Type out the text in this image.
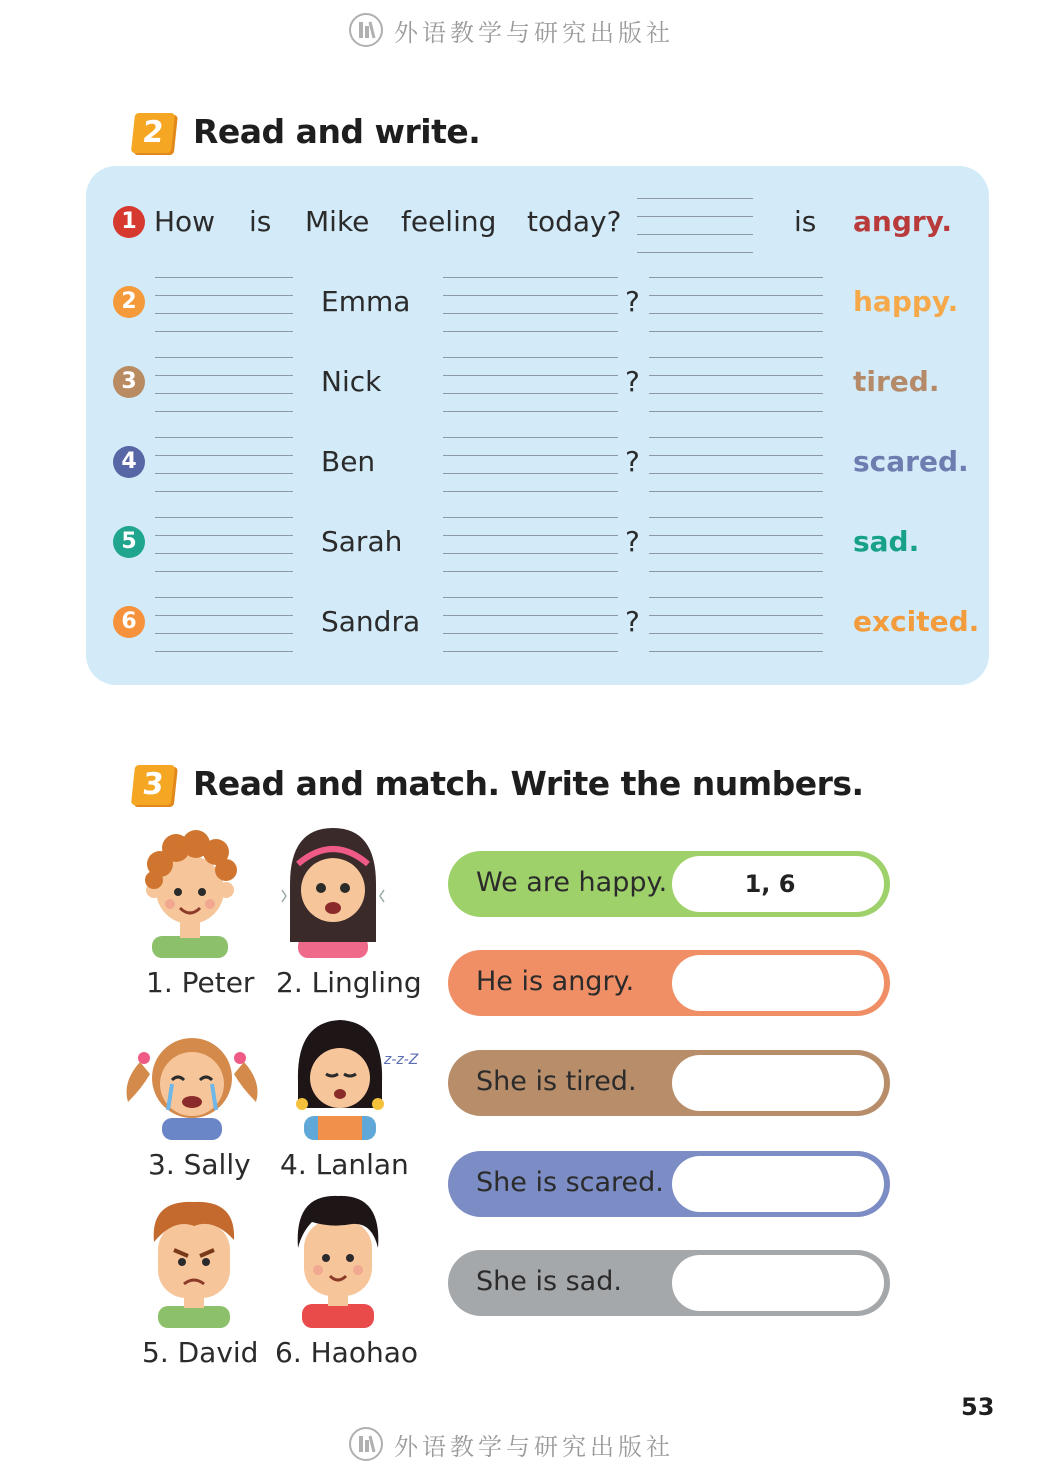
外语教学与研究出版社
2 Read and write.
1 How is Mike feeling today?	is angry.
2	Emma	?	happy.
3	Nick	?	tired.
4	Ben	?	scared.
5	Sarah	?	sad.
6	Sandra	?	excited.
3 Read and match. Write the numbers.
1. Peter 2. Lingling
3. Sally
z-z-Z
4. Lanlan
5. David 6. Haohao
We are happy.	1, 6
He is angry.
She is tired.
She is scared.
She is sad.
53
外语教学与研究出版社
